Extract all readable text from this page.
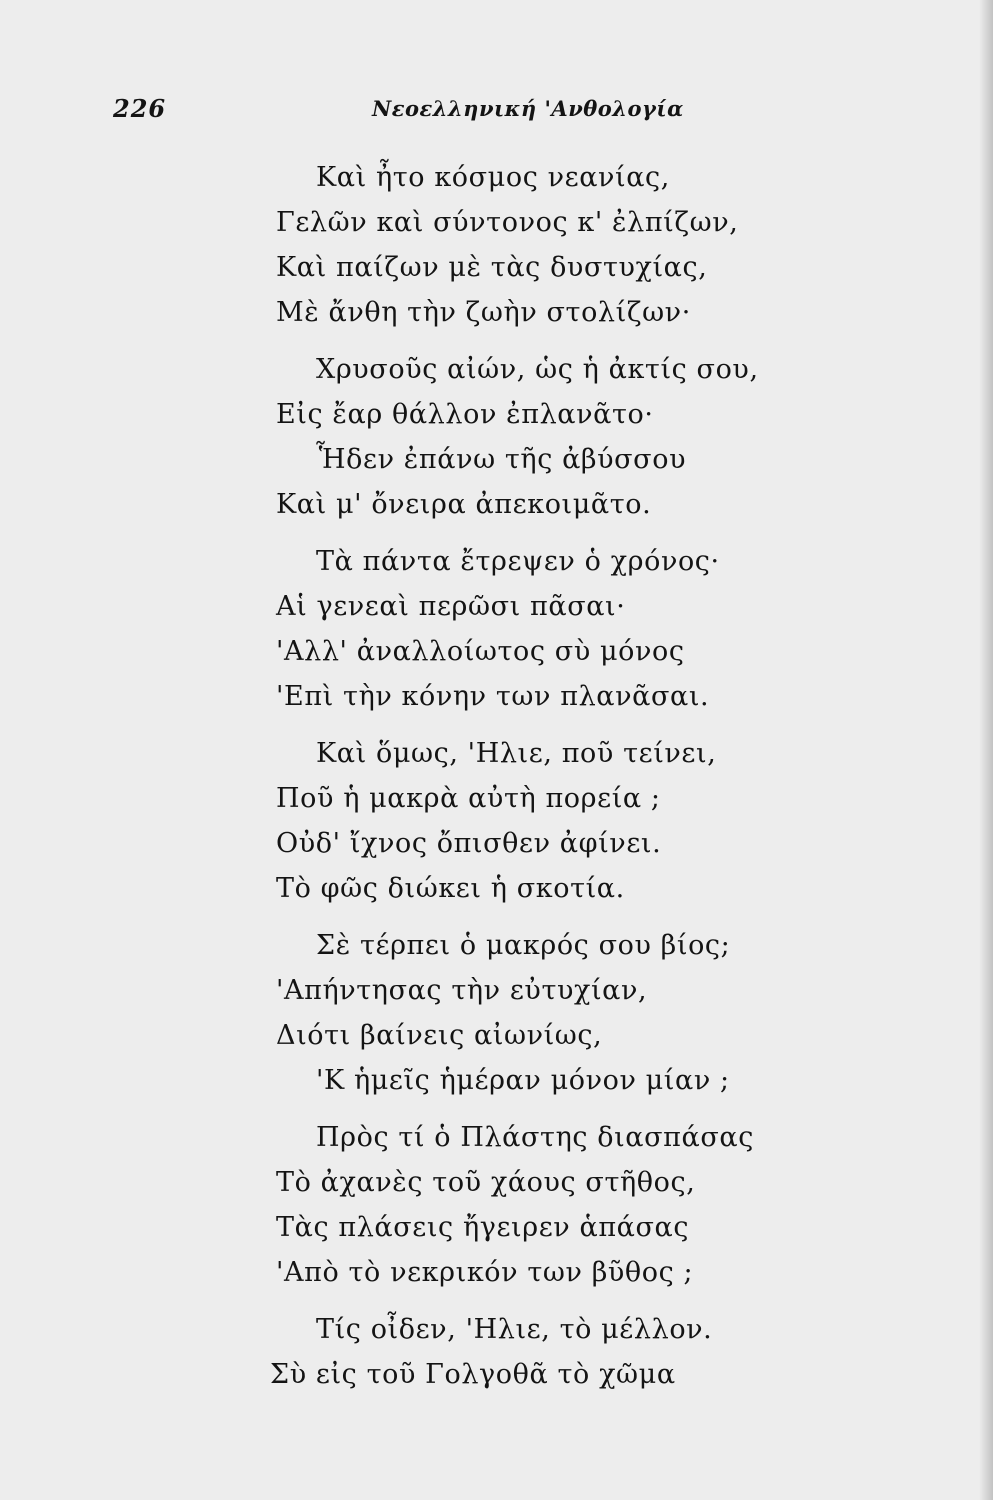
226	Νεοελληνική 'Ανθολογία
Καὶ ἦτο κόσμος νεανίας,
Γελῶν καὶ σύντονος κ' ἐλπίζων,
Καὶ παίζων μὲ τὰς δυστυχίας,
Μὲ ἄνθη τὴν ζωὴν στολίζων·
Χρυσοῦς αἰών, ὡς ἡ ἀκτίς σου,
Εἰς ἔαρ θάλλον ἐπλανᾶτο·
Ἧδεν ἐπάνω τῆς ἀβύσσου
Καὶ μ' ὄνειρα ἀπεκοιμᾶτο.
Τὰ πάντα ἔτρεψεν ὁ χρόνος·
Αἱ γενεαὶ περῶσι πᾶσαι·
'Αλλ' ἀναλλοίωτος σὺ μόνος
'Επὶ τὴν κόνην των πλανᾶσαι.
Καὶ ὅμως, 'Ηλιε, ποῦ τείνει,
Ποῦ ἡ μακρὰ αὐτὴ πορεία ;
Οὐδ' ἴχνος ὄπισθεν ἀφίνει.
Τὸ φῶς διώκει ἡ σκοτία.
Σὲ τέρπει ὁ μακρός σου βίος;
'Απήντησας τὴν εὐτυχίαν,
Διότι βαίνεις αἰωνίως,
'Κ ἡμεῖς ἡμέραν μόνον μίαν ;
Πρὸς τί ὁ Πλάστης διασπάσας
Τὸ ἀχανὲς τοῦ χάους στῆθος,
Τὰς πλάσεις ἤγειρεν ἁπάσας
'Απὸ τὸ νεκρικόν των βῦθος ;
Τίς οἶδεν, 'Ηλιε, τὸ μέλλον.
Σὺ εἰς τοῦ Γολγοθᾶ τὸ χῶμα
